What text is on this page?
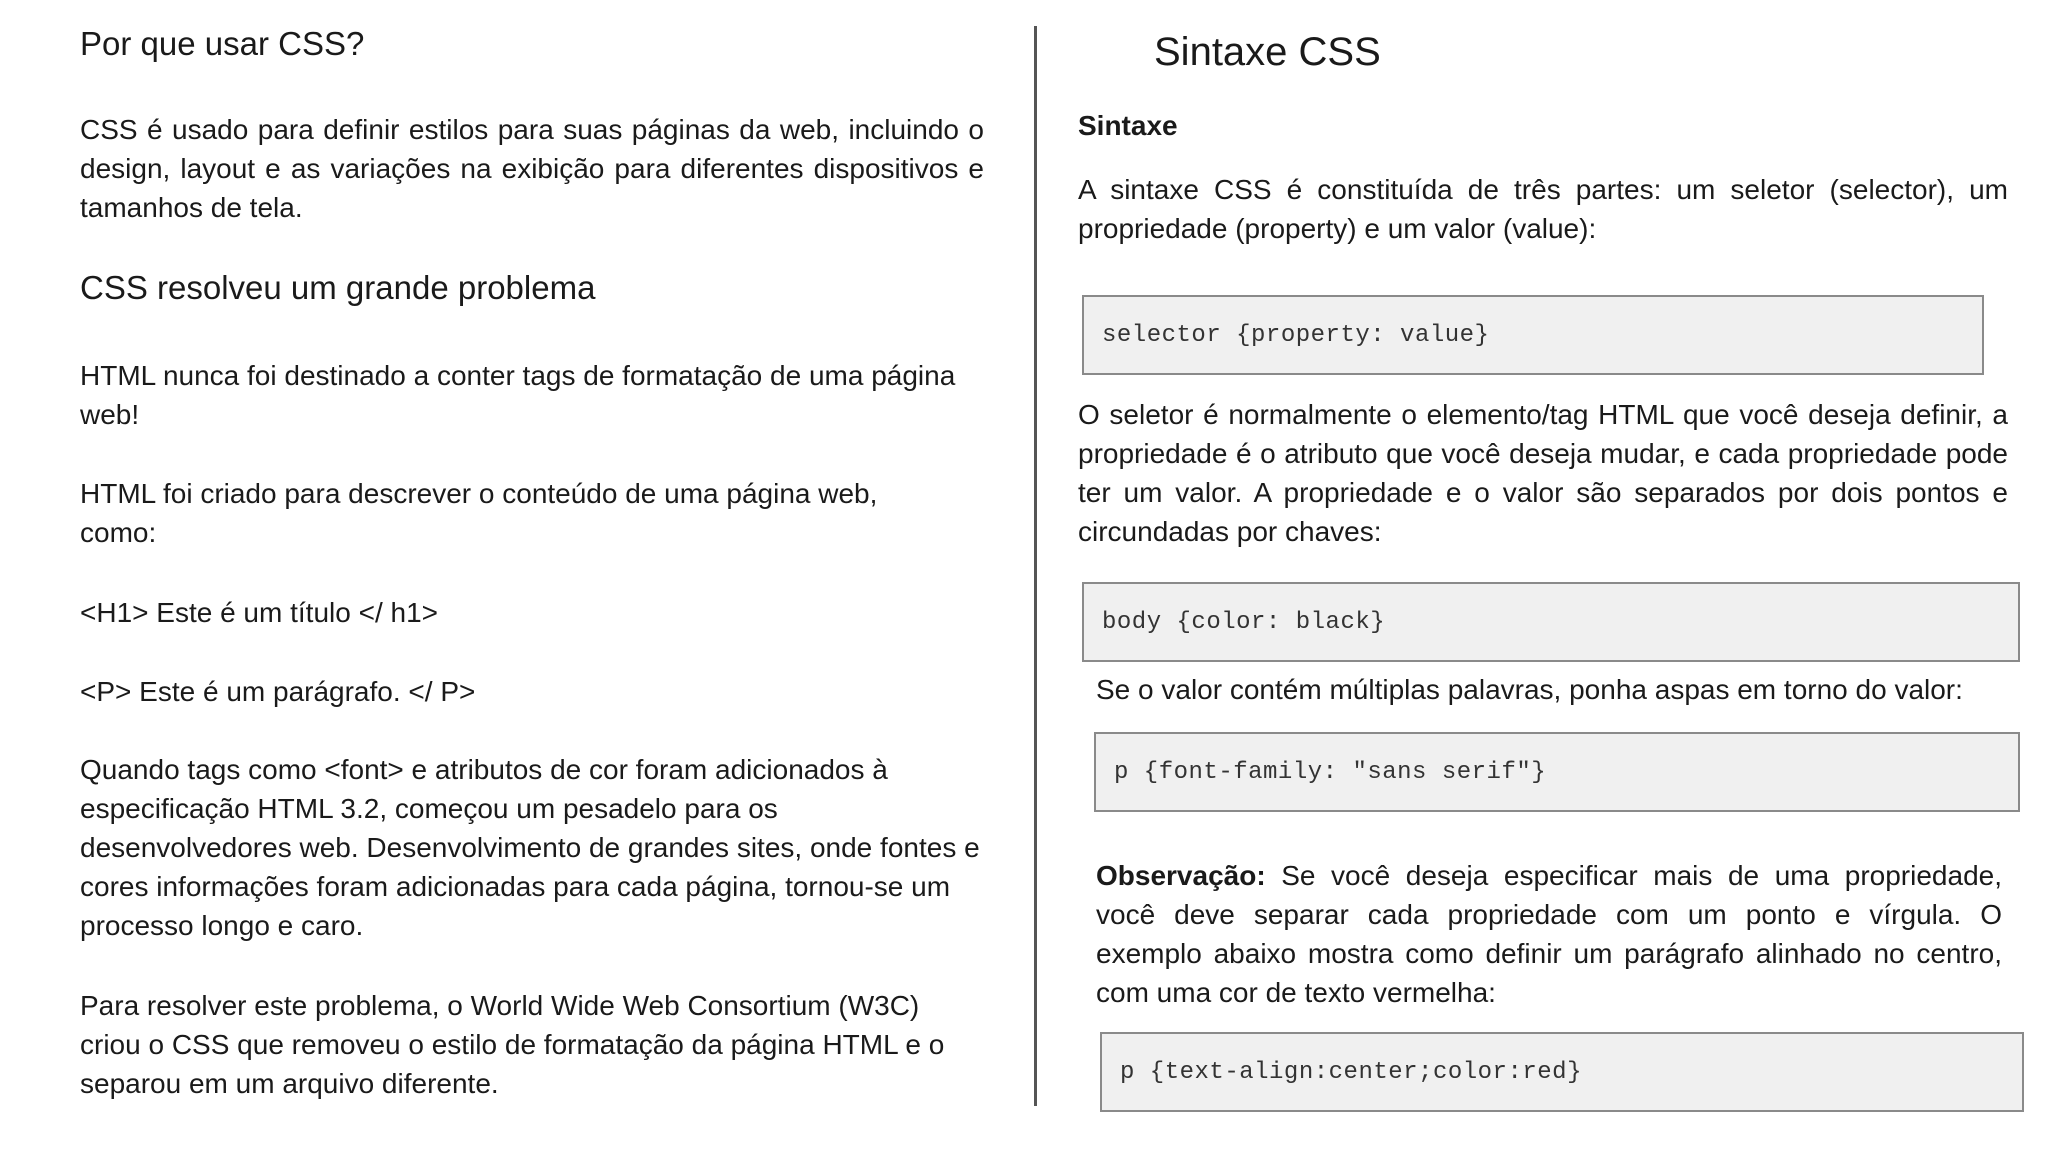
Por que usar CSS?

CSS é usado para definir estilos para suas páginas da web, incluindo o design, layout e as variações na exibição para diferentes dispositivos e tamanhos de tela.

CSS resolveu um grande problema

HTML nunca foi destinado a conter tags de formatação de uma página web!

HTML foi criado para descrever o conteúdo de uma página web, como:

<H1> Este é um título </ h1>

<P> Este é um parágrafo. </ P>

Quando tags como <font> e atributos de cor foram adicionados à especificação HTML 3.2, começou um pesadelo para os desenvolvedores web. Desenvolvimento de grandes sites, onde fontes e cores informações foram adicionadas para cada página, tornou-se um processo longo e caro.

Para resolver este problema, o World Wide Web Consortium (W3C) criou o CSS que removeu o estilo de formatação da página HTML e o separou em um arquivo diferente.

Sintaxe CSS

Sintaxe

A sintaxe CSS é constituída de três partes: um seletor (selector), um propriedade (property) e um valor (value):

selector {property: value}

O seletor é normalmente o elemento/tag HTML que você deseja definir, a propriedade é o atributo que você deseja mudar, e cada propriedade pode ter um valor. A propriedade e o valor são separados por dois pontos e circundadas por chaves:

body {color: black}

Se o valor contém múltiplas palavras, ponha aspas em torno do valor:

p {font-family: "sans serif"}

Observação: Se você deseja especificar mais de uma propriedade, você deve separar cada propriedade com um ponto e vírgula. O exemplo abaixo mostra como definir um parágrafo alinhado no centro, com uma cor de texto vermelha:

p {text-align:center;color:red}
